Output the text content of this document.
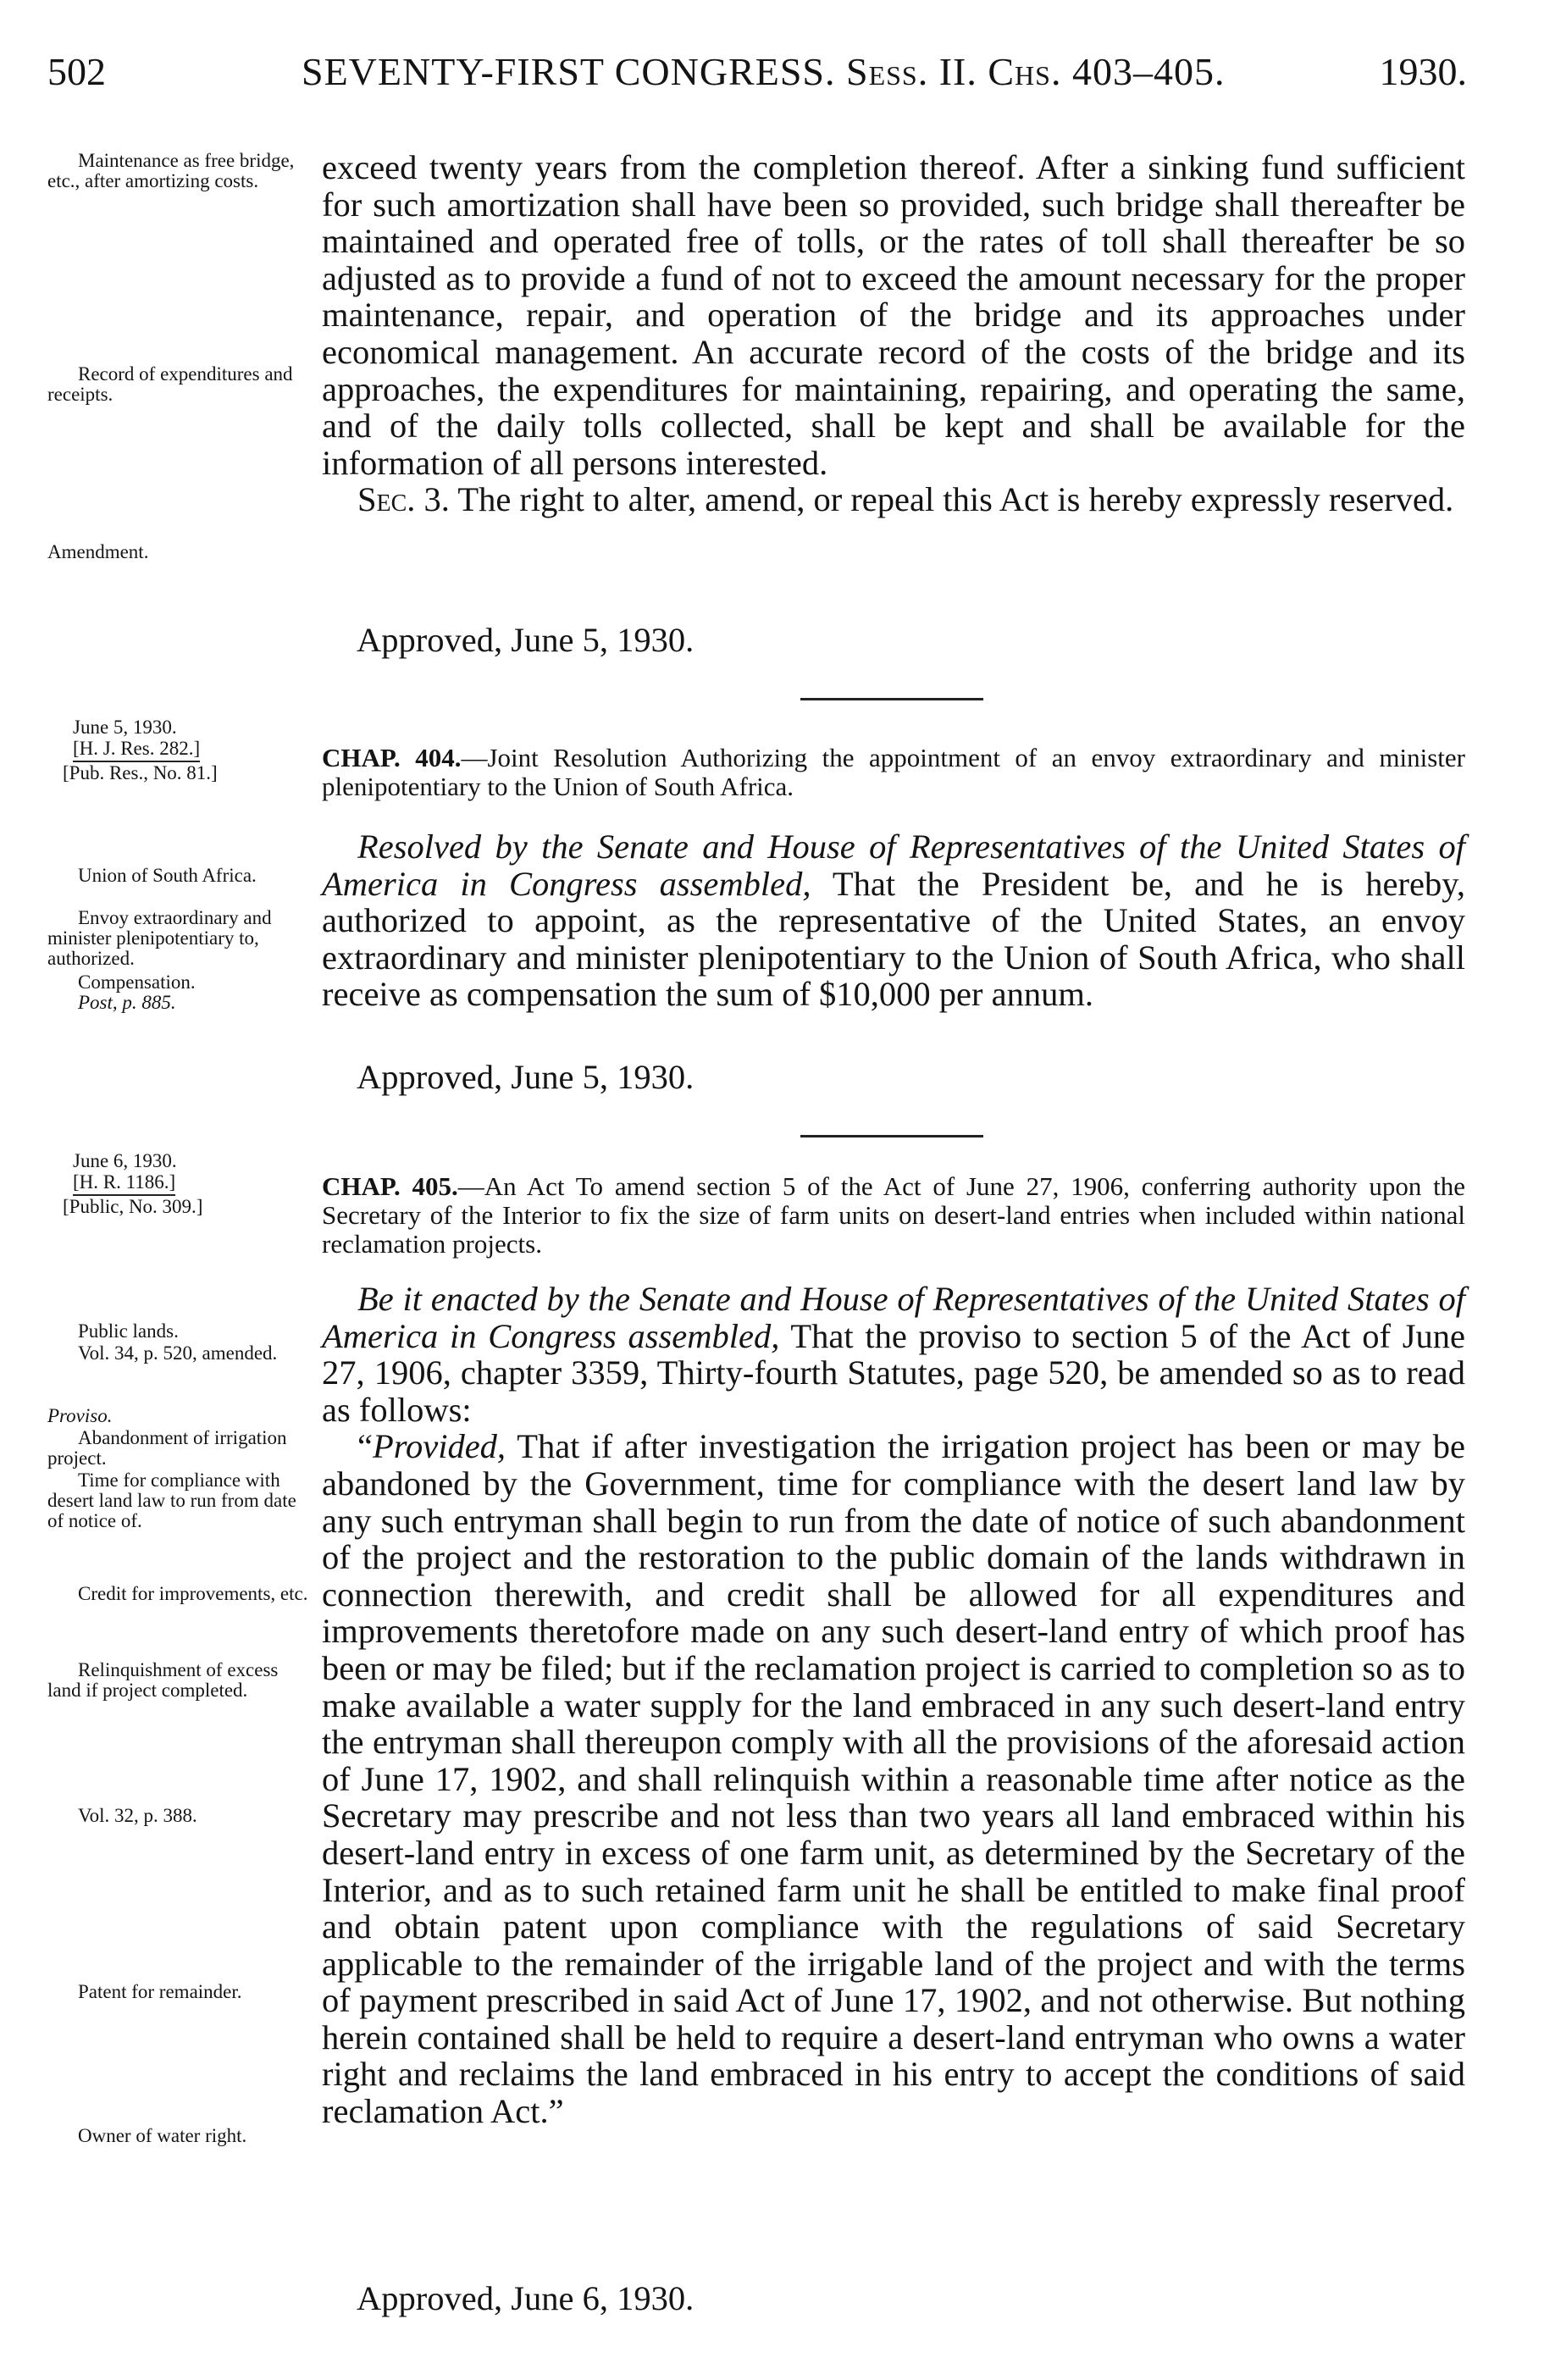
502	SEVENTY-FIRST CONGRESS. Sess. II. Chs. 403–405.	1930.
Maintenance as free bridge, etc., after amortizing costs.
Record of expenditures and receipts.
Amendment.

exceed twenty years from the completion thereof. After a sinking fund sufficient for such amortization shall have been so provided, such bridge shall thereafter be maintained and operated free of tolls, or the rates of toll shall thereafter be so adjusted as to provide a fund of not to exceed the amount necessary for the proper maintenance, repair, and operation of the bridge and its approaches under economical management. An accurate record of the costs of the bridge and its approaches, the expenditures for maintaining, repairing, and operating the same, and of the daily tolls collected, shall be kept and shall be available for the information of all persons interested.

Sec. 3. The right to alter, amend, or repeal this Act is hereby expressly reserved.

Approved, June 5, 1930.
June 5, 1930.
[H. J. Res. 282.]
[Pub. Res., No. 81.]
CHAP. 404.—Joint Resolution Authorizing the appointment of an envoy extraordinary and minister plenipotentiary to the Union of South Africa.
Union of South Africa.
Envoy extraordinary and minister plenipotentiary to, authorized.
Compensation.
Post, p. 885.

Resolved by the Senate and House of Representatives of the United States of America in Congress assembled, That the President be, and he is hereby, authorized to appoint, as the representative of the United States, an envoy extraordinary and minister plenipotentiary to the Union of South Africa, who shall receive as compensation the sum of $10,000 per annum.

Approved, June 5, 1930.
June 6, 1930.
[H. R. 1186.]
[Public, No. 309.]
CHAP. 405.—An Act To amend section 5 of the Act of June 27, 1906, conferring authority upon the Secretary of the Interior to fix the size of farm units on desert-land entries when included within national reclamation projects.
Public lands.
Vol. 34, p. 520, amended.
Proviso.
Abandonment of irrigation project.
Time for compliance with desert land law to run from date of notice of.
Credit for improvements, etc.
Relinquishment of excess land if project completed.
Vol. 32, p. 388.
Patent for remainder.
Owner of water right.

Be it enacted by the Senate and House of Representatives of the United States of America in Congress assembled, That the proviso to section 5 of the Act of June 27, 1906, chapter 3359, Thirty-fourth Statutes, page 520, be amended so as to read as follows:

“Provided, That if after investigation the irrigation project has been or may be abandoned by the Government, time for compliance with the desert land law by any such entryman shall begin to run from the date of notice of such abandonment of the project and the restoration to the public domain of the lands withdrawn in connection therewith, and credit shall be allowed for all expenditures and improvements theretofore made on any such desert-land entry of which proof has been or may be filed; but if the reclamation project is carried to completion so as to make available a water supply for the land embraced in any such desert-land entry the entryman shall thereupon comply with all the provisions of the aforesaid action of June 17, 1902, and shall relinquish within a reasonable time after notice as the Secretary may prescribe and not less than two years all land embraced within his desert-land entry in excess of one farm unit, as determined by the Secretary of the Interior, and as to such retained farm unit he shall be entitled to make final proof and obtain patent upon compliance with the regulations of said Secretary applicable to the remainder of the irrigable land of the project and with the terms of payment prescribed in said Act of June 17, 1902, and not otherwise. But nothing herein contained shall be held to require a desert-land entryman who owns a water right and reclaims the land embraced in his entry to accept the conditions of said reclamation Act.”

Approved, June 6, 1930.
